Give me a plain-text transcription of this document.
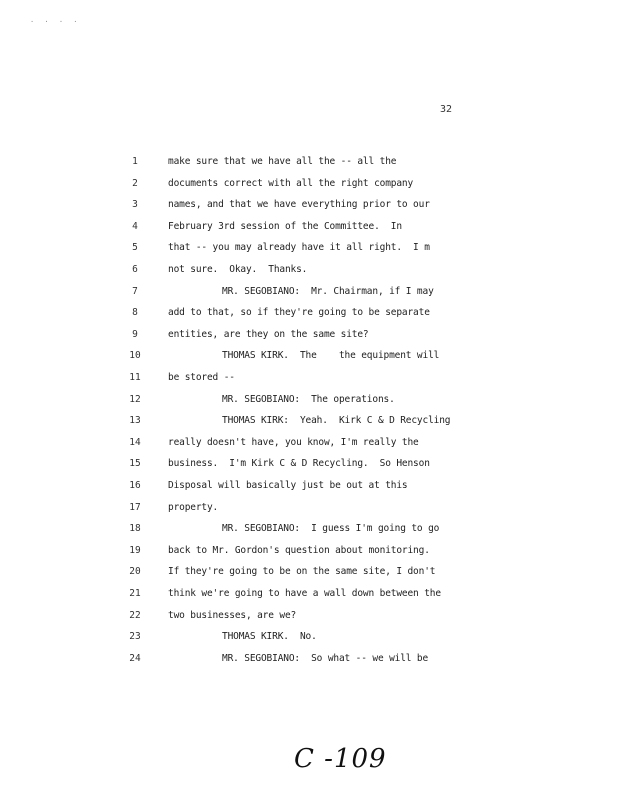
· · · ·
32
1	make sure that we have all the -- all the
2	documents correct with all the right company
3	names, and that we have everything prior to our
4	February 3rd session of the Committee.  In
5	that -- you may already have it all right.  I m
6	not sure.  Okay.  Thanks.
7	MR. SEGOBIANO:  Mr. Chairman, if I may
8	add to that, so if they're going to be separate
9	entities, are they on the same site?
10	THOMAS KIRK.  The    the equipment will
11	be stored --
12	MR. SEGOBIANO:  The operations.
13	THOMAS KIRK:  Yeah.  Kirk C & D Recycling
14	really doesn't have, you know, I'm really the
15	business.  I'm Kirk C & D Recycling.  So Henson
16	Disposal will basically just be out at this
17	property.
18	MR. SEGOBIANO:  I guess I'm going to go
19	back to Mr. Gordon's question about monitoring.
20	If they're going to be on the same site, I don't
21	think we're going to have a wall down between the
22	two businesses, are we?
23	THOMAS KIRK.  No.
24	MR. SEGOBIANO:  So what -- we will be
C -109
